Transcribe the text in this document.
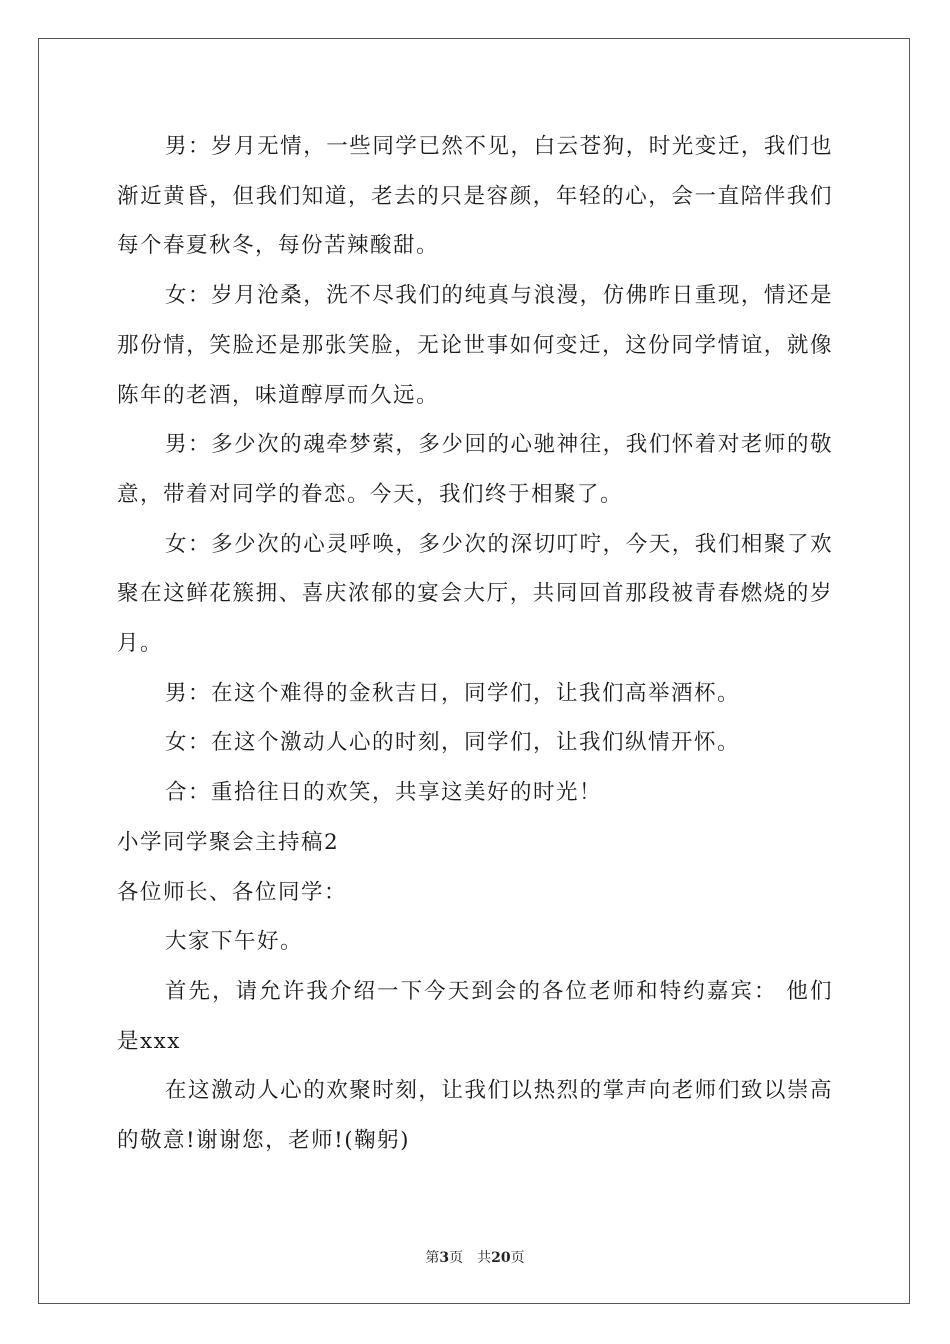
男：岁月无情，一些同学已然不见，白云苍狗，时光变迁，我们也渐近黄昏，但我们知道，老去的只是容颜，年轻的心，会一直陪伴我们每个春夏秋冬，每份苦辣酸甜。

女：岁月沧桑，洗不尽我们的纯真与浪漫，仿佛昨日重现，情还是那份情，笑脸还是那张笑脸，无论世事如何变迁，这份同学情谊，就像陈年的老酒，味道醇厚而久远。

男：多少次的魂牵梦萦，多少回的心驰神往，我们怀着对老师的敬意，带着对同学的眷恋。今天，我们终于相聚了。

女：多少次的心灵呼唤，多少次的深切叮咛，今天，我们相聚了欢聚在这鲜花簇拥、喜庆浓郁的宴会大厅，共同回首那段被青春燃烧的岁月。

男：在这个难得的金秋吉日，同学们，让我们高举酒杯。

女：在这个激动人心的时刻，同学们，让我们纵情开怀。

合：重拾往日的欢笑，共享这美好的时光！

小学同学聚会主持稿2

各位师长、各位同学：

大家下午好。

首先，请允许我介绍一下今天到会的各位老师和特约嘉宾： 他们是xxx

在这激动人心的欢聚时刻，让我们以热烈的掌声向老师们致以崇高的敬意!谢谢您，老师!(鞠躬)

第3页　共20页
